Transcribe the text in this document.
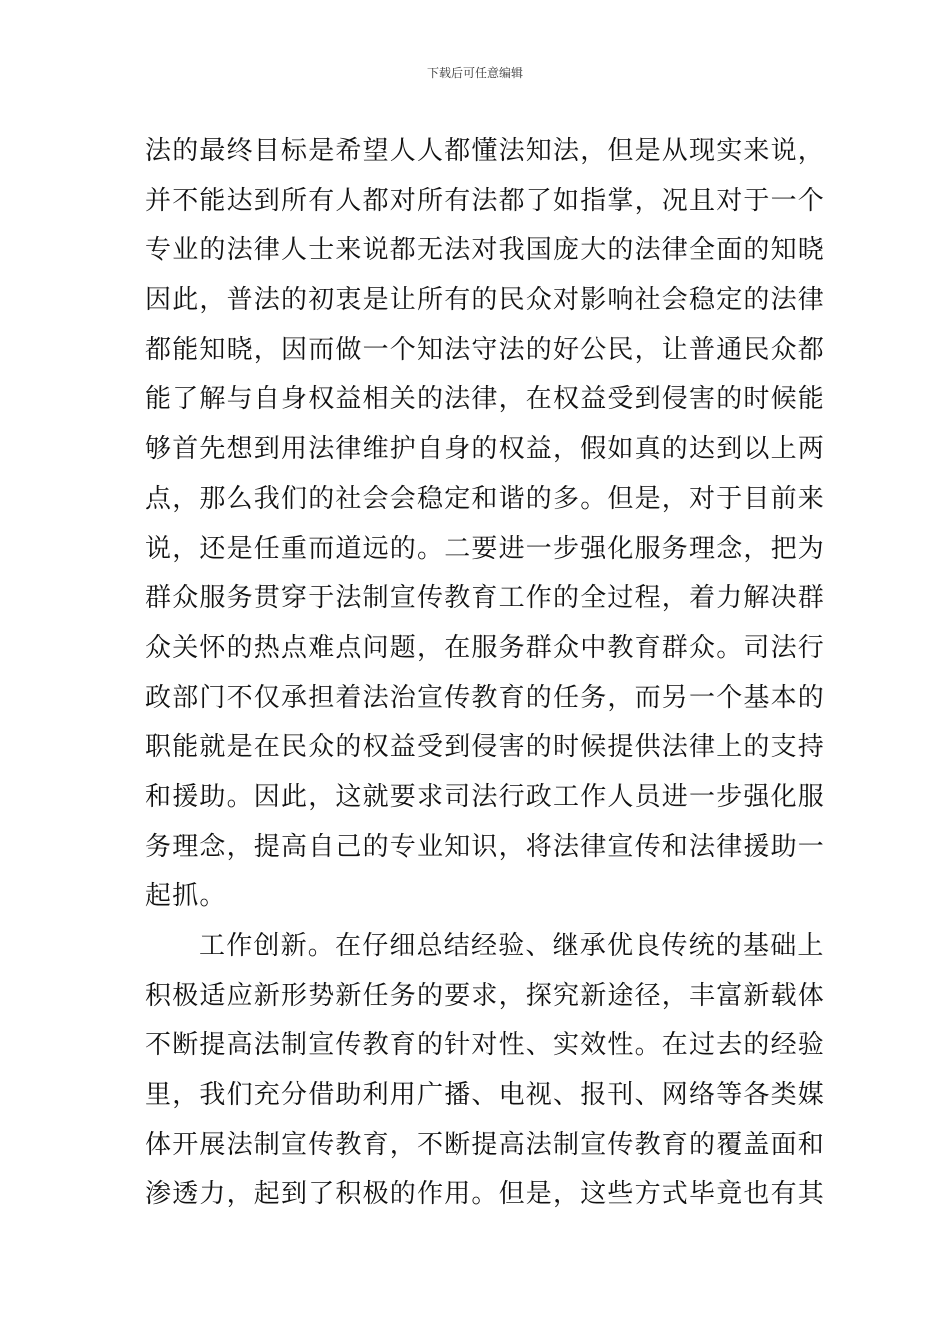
下载后可任意编辑

法的最终目标是希望人人都懂法知法，但是从现实来说，
并不能达到所有人都对所有法都了如指掌，况且对于一个
专业的法律人士来说都无法对我国庞大的法律全面的知晓
因此，普法的初衷是让所有的民众对影响社会稳定的法律
都能知晓，因而做一个知法守法的好公民，让普通民众都
能了解与自身权益相关的法律，在权益受到侵害的时候能
够首先想到用法律维护自身的权益，假如真的达到以上两
点，那么我们的社会会稳定和谐的多。但是，对于目前来
说，还是任重而道远的。二要进一步强化服务理念，把为
群众服务贯穿于法制宣传教育工作的全过程，着力解决群
众关怀的热点难点问题，在服务群众中教育群众。司法行
政部门不仅承担着法治宣传教育的任务，而另一个基本的
职能就是在民众的权益受到侵害的时候提供法律上的支持
和援助。因此，这就要求司法行政工作人员进一步强化服
务理念，提高自己的专业知识，将法律宣传和法律援助一
起抓。

工作创新。在仔细总结经验、继承优良传统的基础上
积极适应新形势新任务的要求，探究新途径，丰富新载体
不断提高法制宣传教育的针对性、实效性。在过去的经验
里，我们充分借助利用广播、电视、报刊、网络等各类媒
体开展法制宣传教育，不断提高法制宣传教育的覆盖面和
渗透力，起到了积极的作用。但是，这些方式毕竟也有其
